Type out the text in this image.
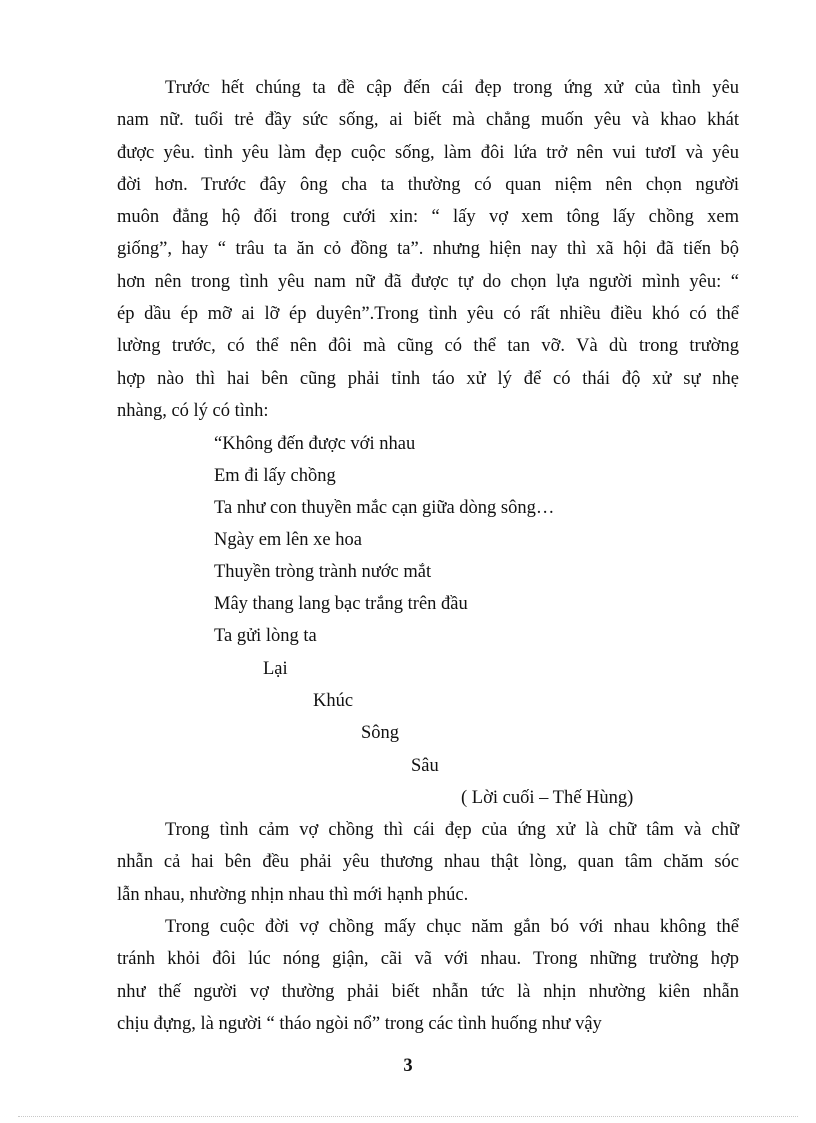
Trước hết chúng ta đề cập đến cái đẹp trong ứng xử của tình yêu
nam nữ. tuổi trẻ đầy sức sống, ai biết mà chẳng muốn yêu và khao khát
được yêu. tình yêu làm đẹp cuộc sống, làm đôi lứa trở nên vui tươI và yêu
đời hơn. Trước đây ông cha ta thường có quan niệm nên chọn người
muôn đẳng hộ đối trong cưới xin: “ lấy vợ xem tông lấy chồng xem
giống”, hay “ trâu ta ăn cỏ đồng ta”. nhưng hiện nay thì xã hội đã tiến bộ
hơn nên trong tình yêu nam nữ đã được tự do chọn lựa người mình yêu: “
ép dầu ép mỡ ai lỡ ép duyên”.Trong tình yêu có rất nhiều điều khó có thể
lường trước, có thể nên đôi mà cũng có thể tan vỡ. Và dù trong trường
hợp nào thì hai bên cũng phải tỉnh táo xử lý để có thái độ xử sự nhẹ
nhàng, có lý có tình:

“Không đến được với nhau

Em đi lấy chồng

Ta như con thuyền mắc cạn giữa dòng sông…

Ngày em lên xe hoa

Thuyền tròng trành nước mắt

Mây thang lang bạc trắng trên đầu

Ta gửi lòng ta

Lại

Khúc

Sông

Sâu

( Lời cuối – Thế Hùng)

Trong tình cảm vợ chồng thì cái đẹp của ứng xử là chữ tâm và chữ
nhẫn cả hai bên đều phải yêu thương nhau thật lòng, quan tâm chăm sóc
lẫn nhau, nhường nhịn nhau thì mới hạnh phúc.
Trong cuộc đời vợ chồng mấy chục năm gắn bó với nhau không thể
tránh khỏi đôi lúc nóng giận, cãi vã với nhau. Trong những trường hợp
như thế người vợ thường phải biết nhẫn tức là nhịn nhường kiên nhẫn
chịu đựng, là người “ tháo ngòi nổ” trong các tình huống như vậy
3
